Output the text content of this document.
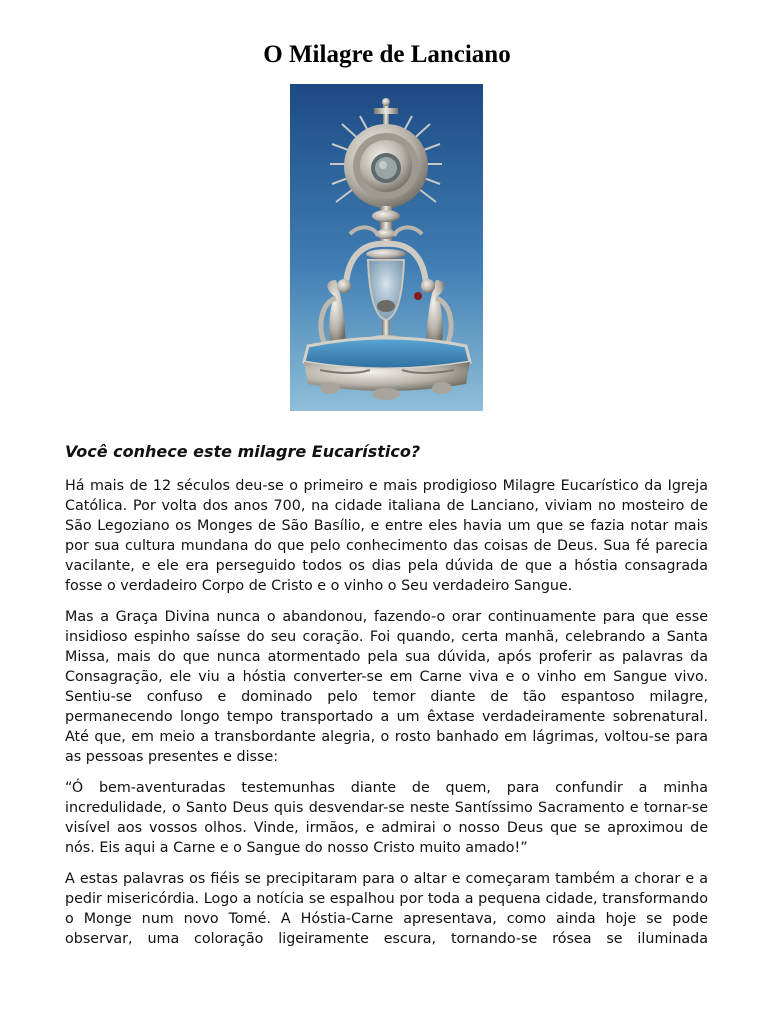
O Milagre de Lanciano
Você conhece este milagre Eucarístico?

Há mais de 12 séculos deu-se o primeiro e mais prodigioso Milagre Eucarístico da Igreja Católica. Por volta dos anos 700, na cidade italiana de Lanciano, viviam no mosteiro de São Legoziano os Monges de São Basílio, e entre eles havia um que se fazia notar mais por sua cultura mundana do que pelo conhecimento das coisas de Deus. Sua fé parecia vacilante, e ele era perseguido todos os dias pela dúvida de que a hóstia consagrada fosse o verdadeiro Corpo de Cristo e o vinho o Seu verdadeiro Sangue.

Mas a Graça Divina nunca o abandonou, fazendo-o orar continuamente para que esse insidioso espinho saísse do seu coração. Foi quando, certa manhã, celebrando a Santa Missa, mais do que nunca atormentado pela sua dúvida, após proferir as palavras da Consagração, ele viu a hóstia converter-se em Carne viva e o vinho em Sangue vivo. Sentiu-se confuso e dominado pelo temor diante de tão espantoso milagre, permanecendo longo tempo transportado a um êxtase verdadeiramente sobrenatural. Até que, em meio a transbordante alegria, o rosto banhado em lágrimas, voltou-se para as pessoas presentes e disse:

“Ó bem-aventuradas testemunhas diante de quem, para confundir a minha incredulidade, o Santo Deus quis desvendar-se neste Santíssimo Sacramento e tornar-se visível aos vossos olhos. Vinde, irmãos, e admirai o nosso Deus que se aproximou de nós. Eis aqui a Carne e o Sangue do nosso Cristo muito amado!”

A estas palavras os fiéis se precipitaram para o altar e começaram também a chorar e a pedir misericórdia. Logo a notícia se espalhou por toda a pequena cidade, transformando o Monge num novo Tomé. A Hóstia-Carne apresentava, como ainda hoje se pode observar, uma coloração ligeiramente escura, tornando-se rósea se iluminada
